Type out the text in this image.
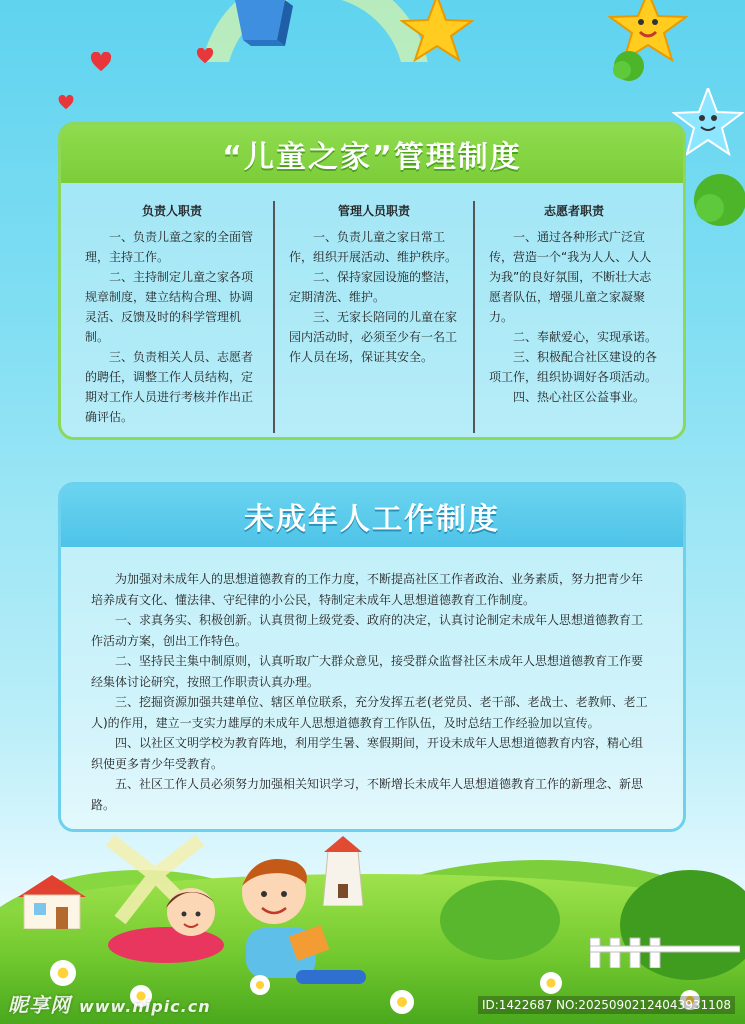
“儿童之家”管理制度
负责人职责

一、负责儿童之家的全面管理，主持工作。

二、主持制定儿童之家各项规章制度，建立结构合理、协调灵活、反馈及时的科学管理机制。

三、负责相关人员、志愿者的聘任，调整工作人员结构，定期对工作人员进行考核并作出正确评估。

管理人员职责

一、负责儿童之家日常工作，组织开展活动、维护秩序。

二、保持家园设施的整洁，定期清洗、维护。

三、无家长陪同的儿童在家园内活动时，必须至少有一名工作人员在场，保证其安全。

志愿者职责

一、通过各种形式广泛宣传，营造一个“我为人人、人人为我”的良好氛围，不断壮大志愿者队伍，增强儿童之家凝聚力。

二、奉献爱心，实现承诺。

三、积极配合社区建设的各项工作，组织协调好各项活动。

四、热心社区公益事业。

未成年人工作制度

为加强对未成年人的思想道德教育的工作力度，不断提高社区工作者政治、业务素质，努力把青少年培养成有文化、懂法律、守纪律的小公民，特制定未成年人思想道德教育工作制度。

一、求真务实、积极创新。认真贯彻上级党委、政府的决定，认真讨论制定未成年人思想道德教育工作活动方案，创出工作特色。

二、坚持民主集中制原则，认真听取广大群众意见，接受群众监督社区未成年人思想道德教育工作要经集体讨论研究，按照工作职责认真办理。

三、挖掘资源加强共建单位、辖区单位联系，充分发挥五老(老党员、老干部、老战士、老教师、老工人)的作用，建立一支实力雄厚的未成年人思想道德教育工作队伍，及时总结工作经验加以宣传。

四、以社区文明学校为教育阵地，利用学生暑、寒假期间，开设未成年人思想道德教育内容，精心组织使更多青少年受教育。

五、社区工作人员必须努力加强相关知识学习，不断增长未成年人思想道德教育工作的新理念、新思路。

昵享网 www.nipic.cn	ID:1422687 NO:20250902124043931108
